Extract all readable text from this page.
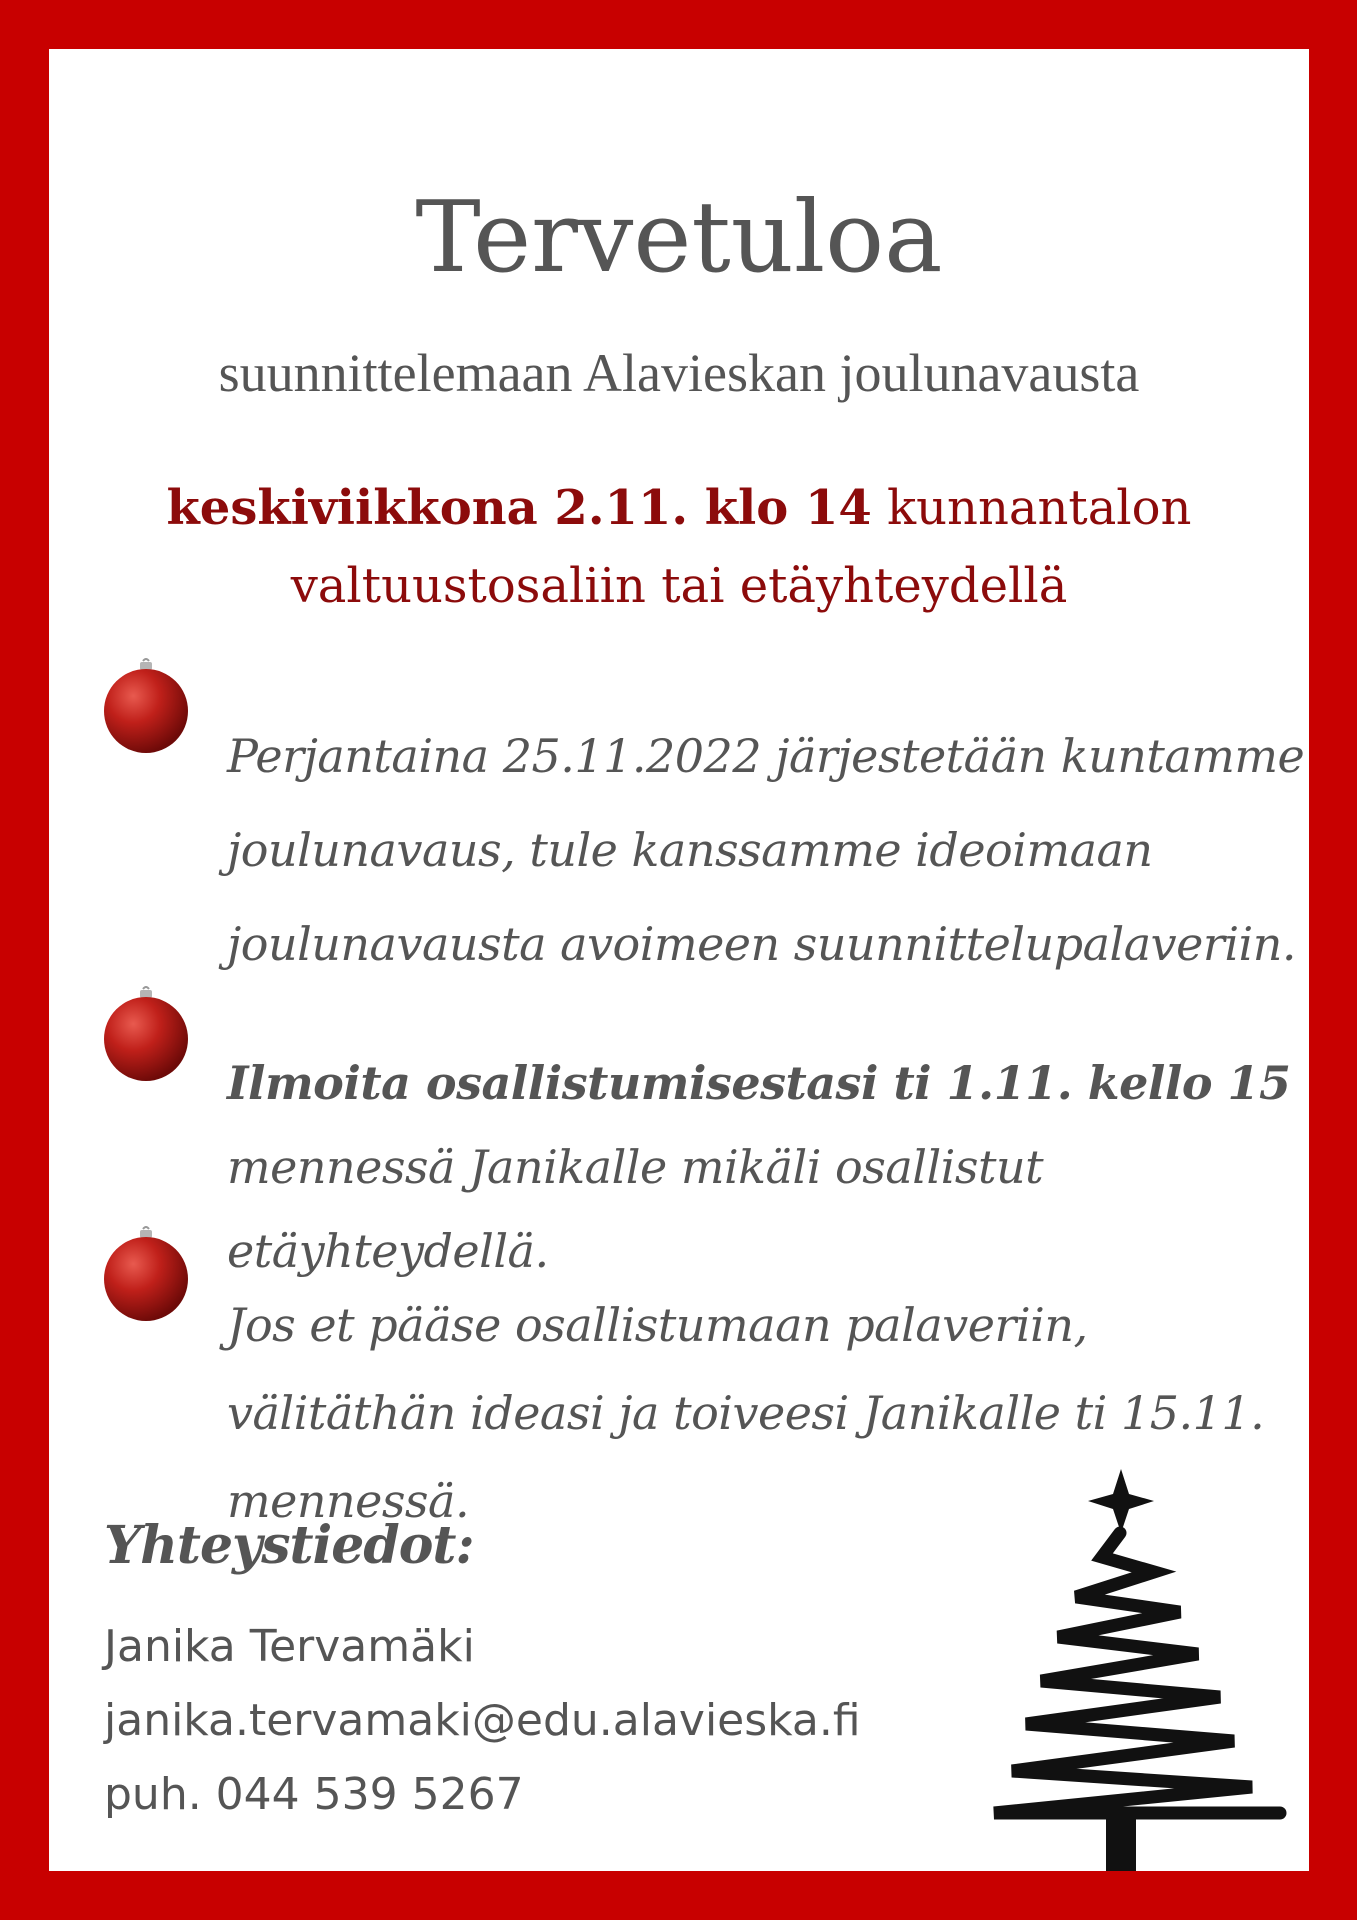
Tervetuloa
suunnittelemaan Alavieskan joulunavausta
keskiviikkona 2.11. klo 14 kunnantalon
valtuustosaliin tai etäyhteydellä
Perjantaina 25.11.2022 järjestetään kuntamme joulunavaus, tule kanssamme ideoimaan joulunavausta avoimeen suunnittelupalaveriin.
Ilmoita osallistumisestasi ti 1.11. kello 15 mennessä Janikalle mikäli osallistut etäyhteydellä.
Jos et pääse osallistumaan palaveriin, välitäthän ideasi ja toiveesi Janikalle ti 15.11. mennessä.
Yhteystiedot:
Janika Tervamäki
janika.tervamaki@edu.alavieska.fi
puh. 044 539 5267
